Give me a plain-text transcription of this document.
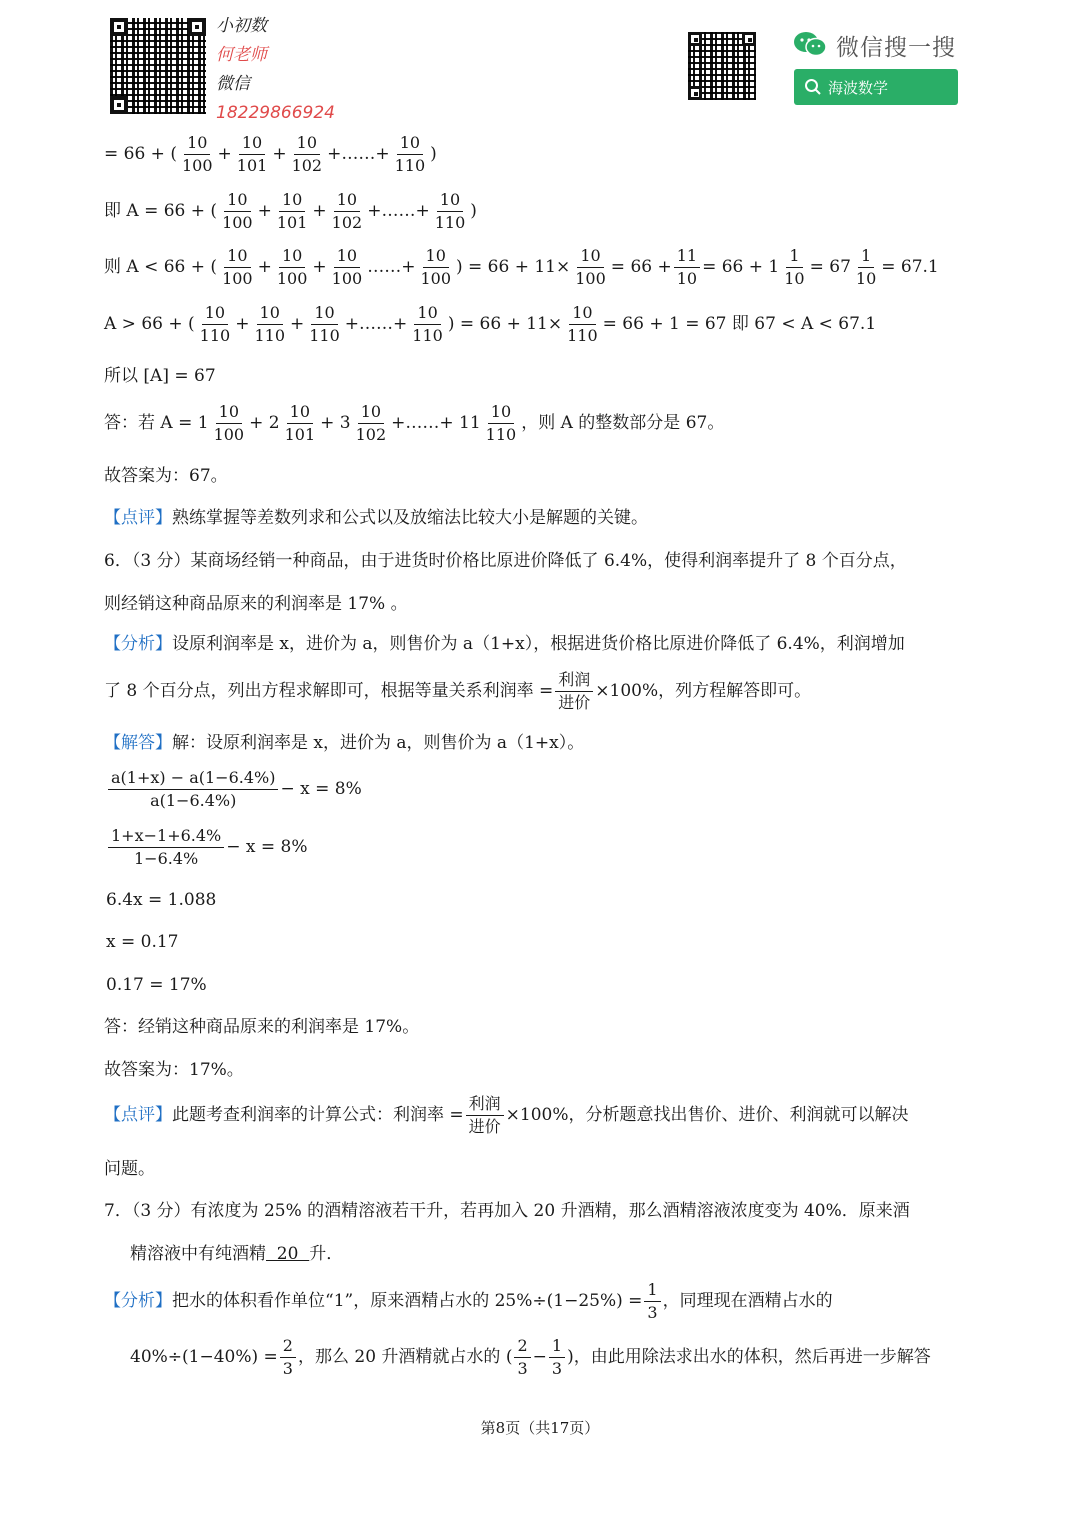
小初数
何老师
微信
18229866924
微信搜一搜
海波数学
= 66 + ( $\frac{10}{100} + \frac{10}{101} + \frac{10}{102}$ +……+ $\frac{10}{110}$ )
即 A = 66 + ( $\frac{10}{100} + \frac{10}{101} + \frac{10}{102}$ +……+ $\frac{10}{110}$ )
则 A < 66 + ( $\frac{10}{100} + \frac{10}{100} + \frac{10}{100}$ ……+ $\frac{10}{100}$ ) = $66 + 11\times \frac{10}{100} = 66 + \frac{11}{10} = 66 + 1 \frac{1}{10} = 67 \frac{1}{10} = 67.1$
A > 66 + ( $\frac{10}{110} + \frac{10}{110} + \frac{10}{110}$ +……+ $\frac{10}{110}$ ) = $66 + 11\times \frac{10}{110} = 66 + 1 = 67$ 即 67 < A < 67.1
所以 [A] = 67
答：若 $A = 1 \frac{10}{100} + 2 \frac{10}{101} + 3 \frac{10}{102}$ +……+ $11 \frac{10}{110}$ ，则 A 的整数部分是 67。
故答案为：67。
【点评】熟练掌握等差数列求和公式以及放缩法比较大小是解题的关键。
6．（3 分）某商场经销一种商品，由于进货时价格比原进价降低了 6.4%，使得利润率提升了 8 个百分点，
则经销这种商品原来的利润率是 17% 。
【分析】设原利润率是 x，进价为 a，则售价为 a（1+x），根据进货价格比原进价降低了 6.4%，利润增加
了 8 个百分点，列出方程求解即可，根据等量关系利润率 = $\frac{\text{利润}}{\text{进价}} \times 100\%$，列方程解答即可。
【解答】解：设原利润率是 x，进价为 a，则售价为 a（1+x）。
$\frac{a(1+x) - a(1-6.4\%)}{a(1-6.4\%)} - x = 8\%$
$\frac{1+x-1+6.4\%}{1-6.4\%} - x = 8\%$
6.4x = 1.088
x = 0.17
0.17 = 17%
答：经销这种商品原来的利润率是 17%。
故答案为：17%。
【点评】此题考查利润率的计算公式：利润率 = $\frac{\text{利润}}{\text{进价}} \times 100\%$，分析题意找出售价、进价、利润就可以解决
问题。
7．（3 分）有浓度为 25% 的酒精溶液若干升，若再加入 20 升酒精，那么酒精溶液浓度变为 40%．原来酒
精溶液中有纯酒精  20  升．
【分析】把水的体积看作单位“1”，原来酒精占水的 $25\%\div(1-25\%) = \frac{1}{3}$ ，同理现在酒精占水的
$40\%\div(1-40\%) = \frac{2}{3}$ ，那么 20 升酒精就占水的 ( $\frac{2}{3} - \frac{1}{3}$ )，由此用除法求出水的体积，然后再进一步解答
第8页（共17页）
